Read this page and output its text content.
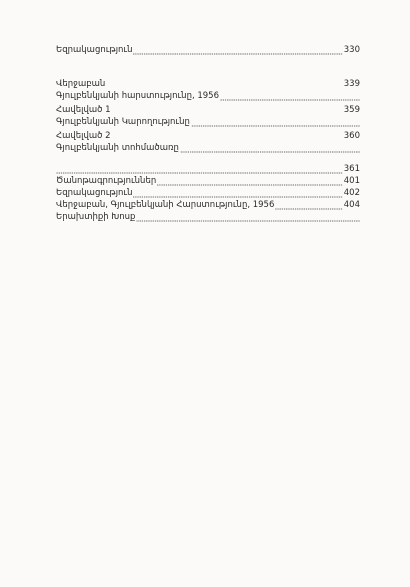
Եզրակացություն	330
Վերջաբան	339
Գյուլբենկյանի հարստությունը, 1956
Հավելված 1	359
Գյուլբենկյանի Կարողությունը
Հավելված 2	360
Գյուլբենկյանի տոհմածառը
361
Ծանոթագրություններ	401
Եզրակացություն	402
Վերջաբան, Գյուլբենկյանի Հարստությունը, 1956	404
Երախտիքի Խոսք
